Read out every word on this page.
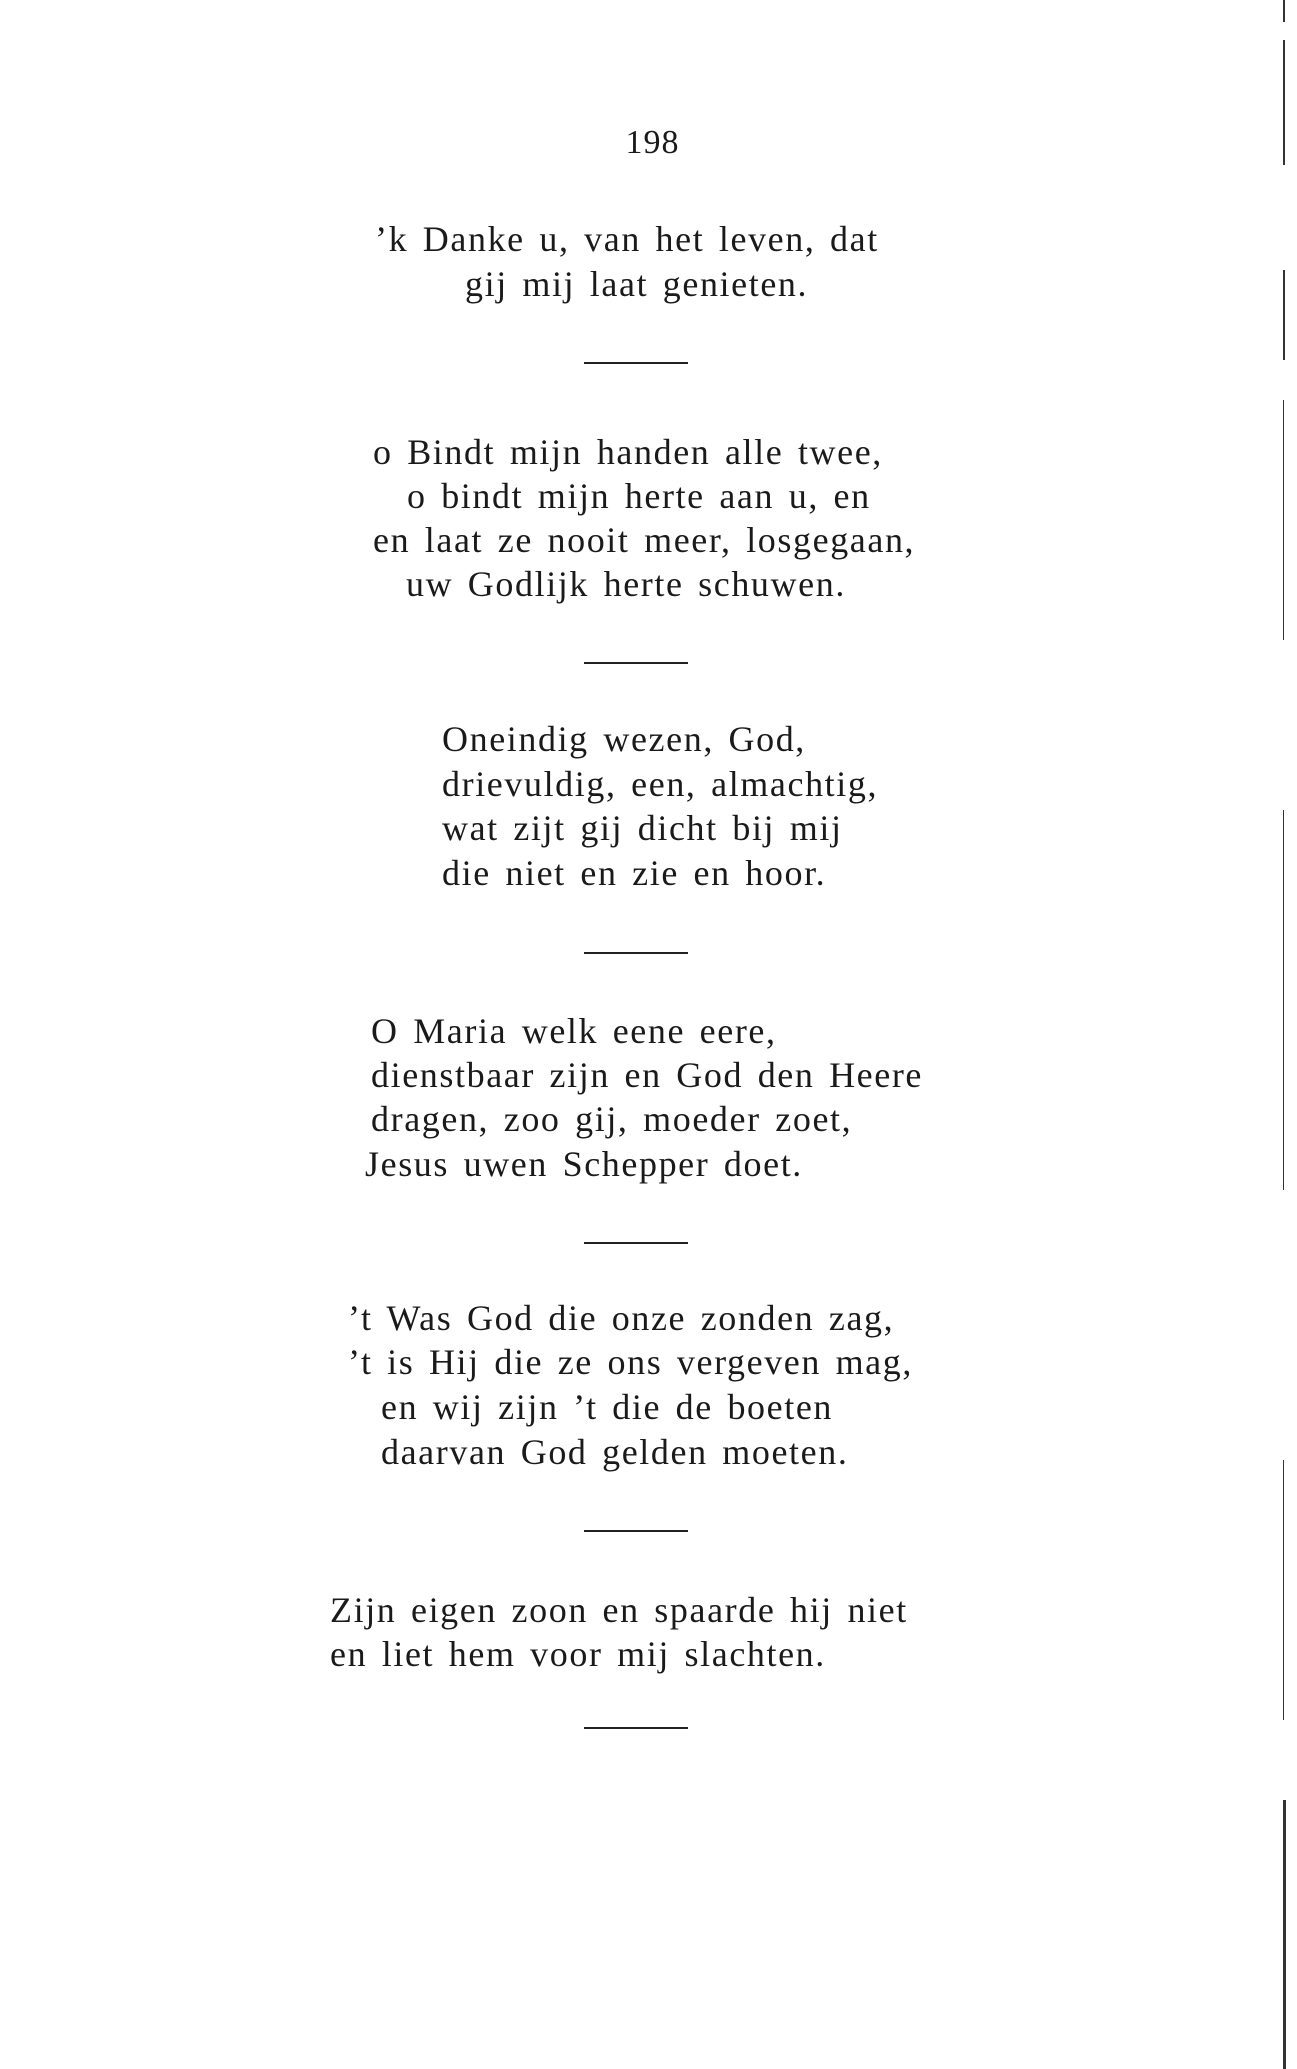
198
’k Danke u, van het leven, dat
gij mij laat genieten.
o Bindt mijn handen alle twee,
o bindt mijn herte aan u, en
en laat ze nooit meer, losgegaan,
uw Godlijk herte schuwen.
Oneindig wezen, God,
drievuldig, een, almachtig,
wat zijt gij dicht bij mij
die niet en zie en hoor.
O Maria welk eene eere,
dienstbaar zijn en God den Heere
dragen, zoo gij, moeder zoet,
Jesus uwen Schepper doet.
’t Was God die onze zonden zag,
’t is Hij die ze ons vergeven mag,
en wij zijn ’t die de boeten
daarvan God gelden moeten.
Zijn eigen zoon en spaarde hij niet
en liet hem voor mij slachten.
